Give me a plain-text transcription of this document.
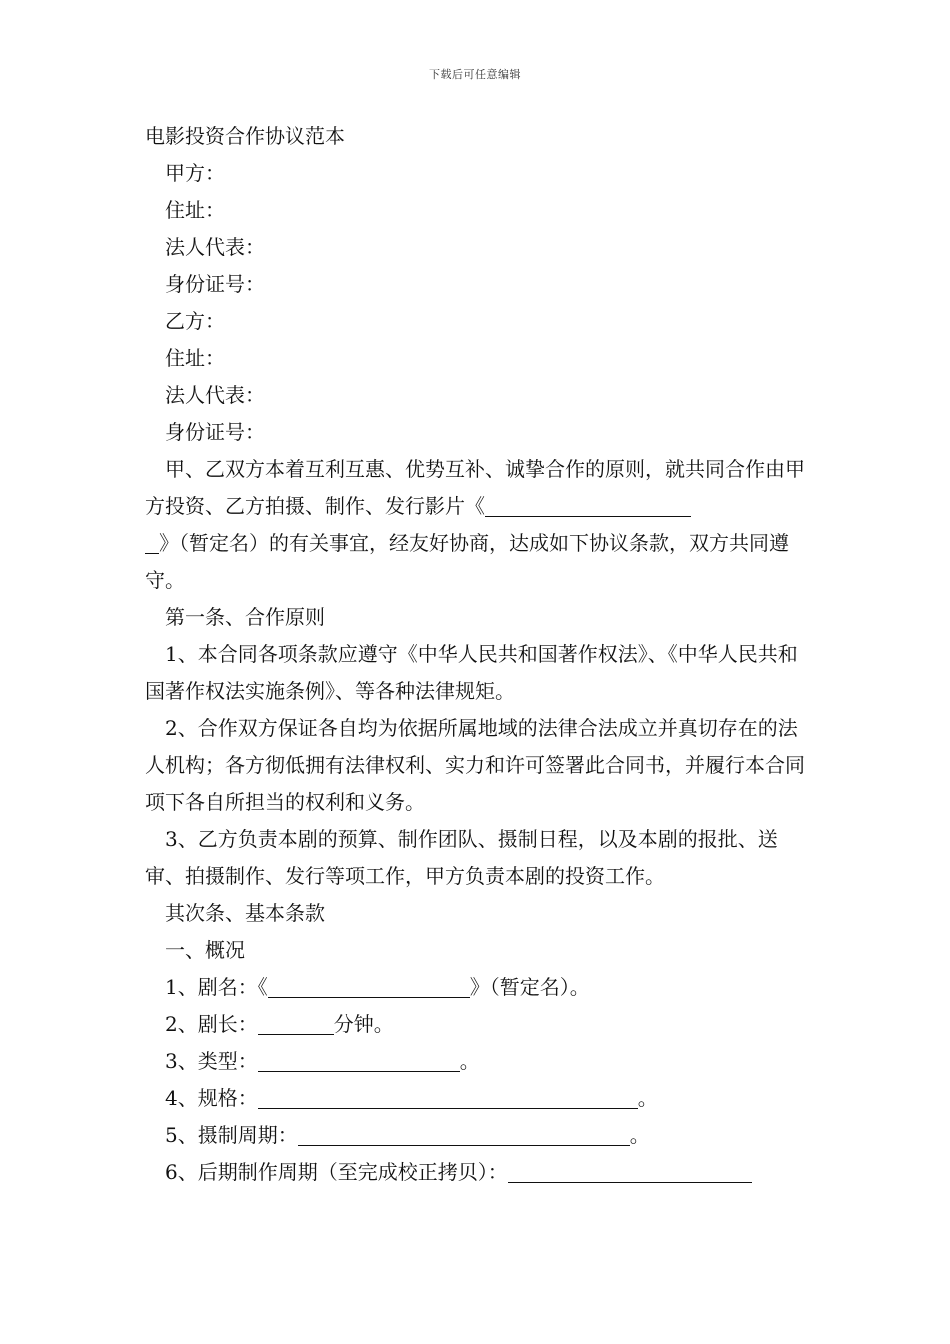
下载后可任意编辑
电影投资合作协议范本

甲方：

住址：

法人代表：

身份证号：

乙方：

住址：

法人代表：

身份证号：

甲、乙双方本着互利互惠、优势互补、诚挚合作的原则，就共同合作由甲方投资、乙方拍摄、制作、发行影片《
》（暂定名）的有关事宜，经友好协商，达成如下协议条款，双方共同遵守。

第一条、合作原则

1、本合同各项条款应遵守《中华人民共和国著作权法》、《中华人民共和国著作权法实施条例》、等各种法律规矩。

2、合作双方保证各自均为依据所属地域的法律合法成立并真切存在的法人机构；各方彻低拥有法律权利、实力和许可签署此合同书，并履行本合同项下各自所担当的权利和义务。

3、乙方负责本剧的预算、制作团队、摄制日程，以及本剧的报批、送审、拍摄制作、发行等项工作，甲方负责本剧的投资工作。

其次条、基本条款

一、概况

1、剧名：《	》（暂定名）。

2、剧长：	分钟。

3、类型：	。

4、规格：	。

5、摄制周期：	。

6、后期制作周期（至完成校正拷贝）：
